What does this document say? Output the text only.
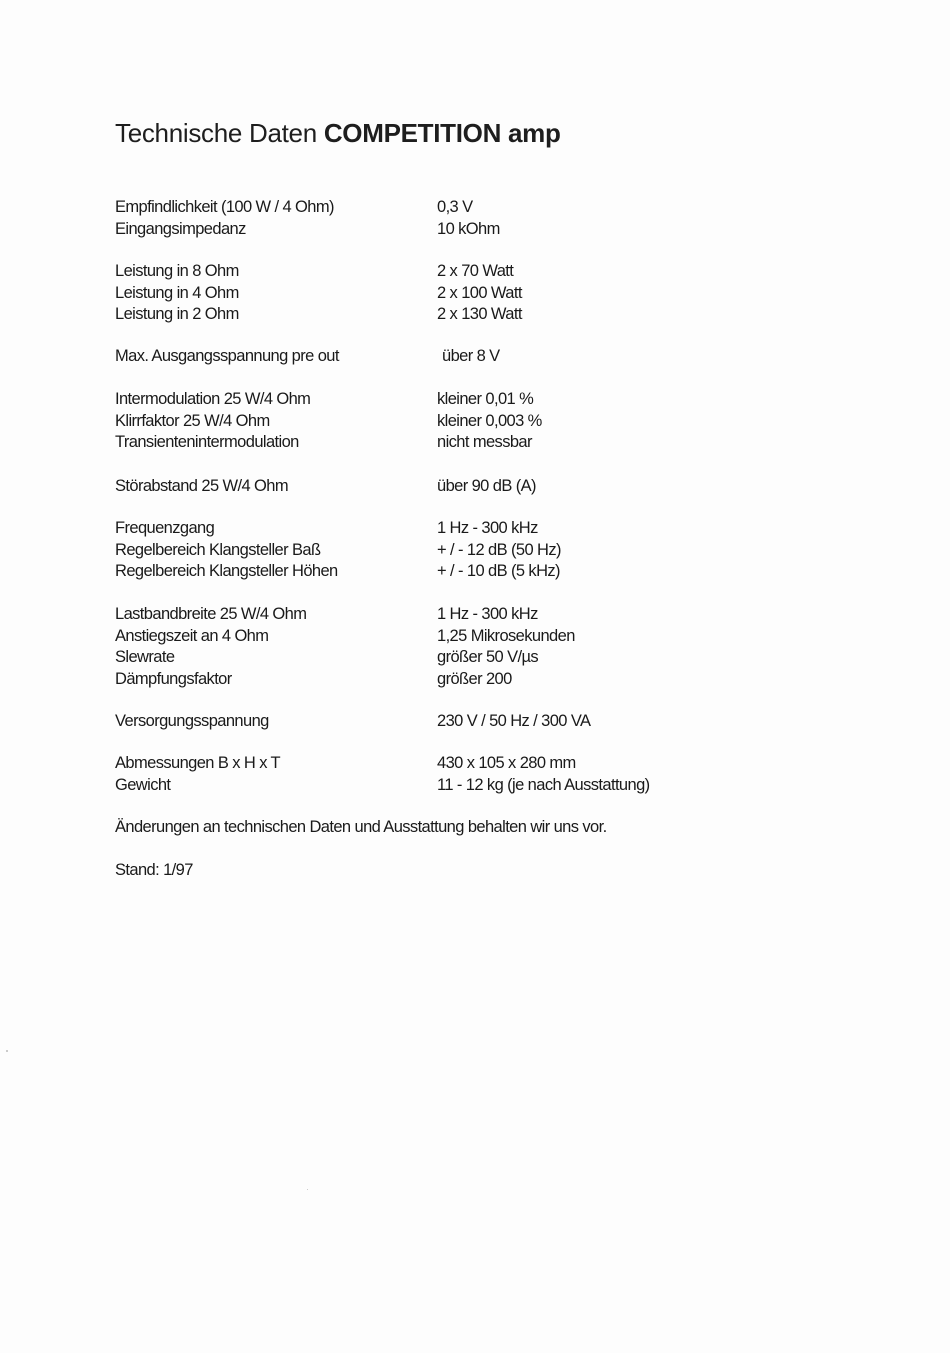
Technische Daten COMPETITION amp
Empfindlichkeit (100 W / 4 Ohm)	0,3 V
Eingangsimpedanz	10 kOhm
Leistung in 8 Ohm	2 x 70 Watt
Leistung in 4 Ohm	2 x 100 Watt
Leistung in 2 Ohm	2 x 130 Watt
Max. Ausgangsspannung pre out	über 8 V
Intermodulation 25 W/4 Ohm	kleiner 0,01 %
Klirrfaktor 25 W/4 Ohm	kleiner 0,003 %
Transientenintermodulation	nicht messbar
Störabstand 25 W/4 Ohm	über 90 dB (A)
Frequenzgang	1 Hz - 300 kHz
Regelbereich Klangsteller Baß	+ / - 12 dB (50 Hz)
Regelbereich Klangsteller Höhen	+ / - 10 dB (5 kHz)
Lastbandbreite 25 W/4 Ohm	1 Hz - 300 kHz
Anstiegszeit an 4 Ohm	1,25 Mikrosekunden
Slewrate	größer 50 V/µs
Dämpfungsfaktor	größer 200
Versorgungsspannung	230 V / 50 Hz / 300 VA
Abmessungen B x H x T	430 x 105 x 280 mm
Gewicht	11 - 12 kg (je nach Ausstattung)
Änderungen an technischen Daten und Ausstattung behalten wir uns vor.
Stand: 1/97
